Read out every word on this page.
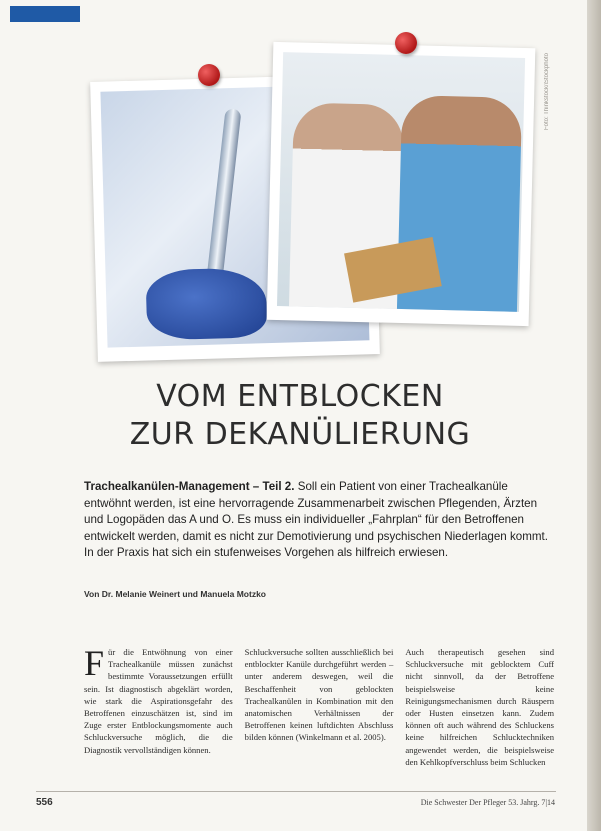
Foto: Thinkstock/iStockphoto
VOM ENTBLOCKEN
ZUR DEKANÜLIERUNG

Trachealkanülen-Management – Teil 2. Soll ein Patient von einer Trachealkanüle entwöhnt werden, ist eine hervorragende Zusammenarbeit zwischen Pflegenden, Ärzten und Logopäden das A und O. Es muss ein individueller „Fahrplan“ für den Betroffenen entwickelt werden, damit es nicht zur Demotivierung und psychischen Niederlagen kommt. In der Praxis hat sich ein stufenweises Vorgehen als hilfreich erwiesen.

Von Dr. Melanie Weinert und Manuela Motzko
Für die Entwöhnung von einer Trachealkanüle müssen zunächst bestimmte Voraussetzungen erfüllt sein. Ist diagnostisch abgeklärt worden, wie stark die Aspirationsgefahr des Betroffenen einzuschätzen ist, sind im Zuge erster Entblockungsmomente auch Schluckversuche möglich, die die Diagnostik vervollständigen können.
Schluckversuche sollten ausschließlich bei entblockter Kanüle durchgeführt werden – unter anderem deswegen, weil die Beschaffenheit von geblockten Trachealkanülen in Kombination mit den anatomischen Verhältnissen der Betroffenen keinen luftdichten Abschluss bilden können (Winkelmann et al. 2005).
Auch therapeutisch gesehen sind Schluckversuche mit geblocktem Cuff nicht sinnvoll, da der Betroffene beispielsweise keine Reinigungsmechanismen durch Räuspern oder Husten einsetzen kann. Zudem können oft auch während des Schluckens keine hilfreichen Schlucktechniken angewendet werden, die beispielsweise den Kehlkopfverschluss beim Schlucken
556	Die Schwester Der Pfleger 53. Jahrg. 7|14
